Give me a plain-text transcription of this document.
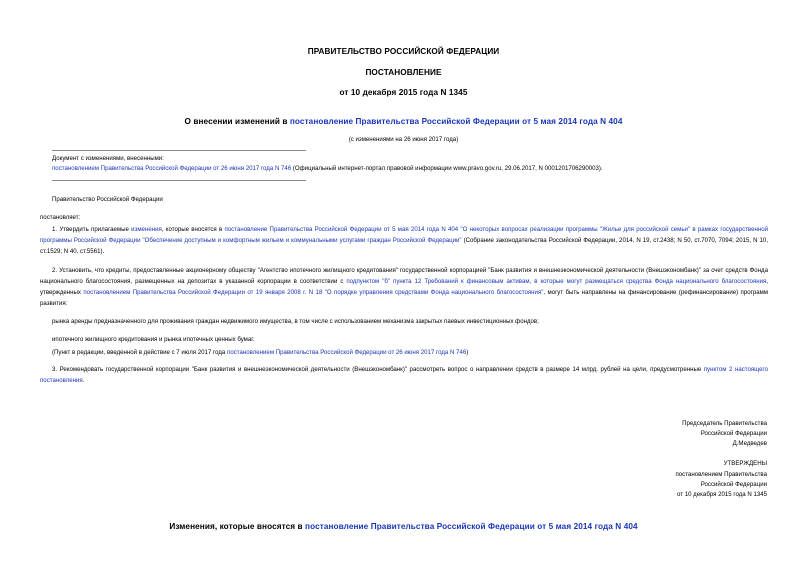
ПРАВИТЕЛЬСТВО РОССИЙСКОЙ ФЕДЕРАЦИИ
ПОСТАНОВЛЕНИЕ
от 10 декабря 2015 года N 1345
О внесении изменений в постановление Правительства Российской Федерации от 5 мая 2014 года N 404
(с изменениями на 26 июня 2017 года)
Документ с изменениями, внесенными:
постановлением Правительства Российской Федерации от 26 июня 2017 года N 746 (Официальный интернет-портал правовой информации www.pravo.gov.ru, 29.06.2017, N 0001201706290003).
Правительство Российской Федерации
постановляет:
1. Утвердить прилагаемые изменения, которые вносятся в постановление Правительства Российской Федерации от 5 мая 2014 года N 404 "О некоторых вопросах реализации программы "Жилье для российской семьи" в рамках государственной программы Российской Федерации "Обеспечение доступным и комфортным жильем и коммунальными услугами граждан Российской Федерации" (Собрание законодательства Российской Федерации, 2014, N 19, ст.2438; N 50, ст.7070, 7094; 2015, N 10, ст.1529; N 40, ст.5561).
2. Установить, что кредиты, предоставленные акционерному обществу "Агентство ипотечного жилищного кредитования" государственной корпорацией "Банк развития и внешнеэкономической деятельности (Внешэкономбанк)" за счет средств Фонда национального благосостояния, размещенных на депозитах в указанной корпорации в соответствии с подпунктом "б" пункта 12 Требований к финансовым активам, в которые могут размещаться средства Фонда национального благосостояния, утвержденных постановлением Правительства Российской Федерации от 19 января 2008 г. N 18 "О порядке управления средствами Фонда национального благосостояния", могут быть направлены на финансирование (рефинансирование) программ развития:
рынка аренды предназначенного для проживания граждан недвижимого имущества, в том числе с использованием механизма закрытых паевых инвестиционных фондов;
ипотечного жилищного кредитования и рынка ипотечных ценных бумаг.
(Пункт в редакции, введенной в действие с 7 июля 2017 года постановлением Правительства Российской Федерации от 26 июня 2017 года N 746)
3. Рекомендовать государственной корпорации "Банк развития и внешнеэкономической деятельности (Внешэкономбанк)" рассмотреть вопрос о направлении средств в размере 14 млрд. рублей на цели, предусмотренные пунктом 2 настоящего постановления.
Председатель Правительства
Российской Федерации
Д.Медведев
УТВЕРЖДЕНЫ
постановлением Правительства
Российской Федерации
от 10 декабря 2015 года N 1345
Изменения, которые вносятся в постановление Правительства Российской Федерации от 5 мая 2014 года N 404
